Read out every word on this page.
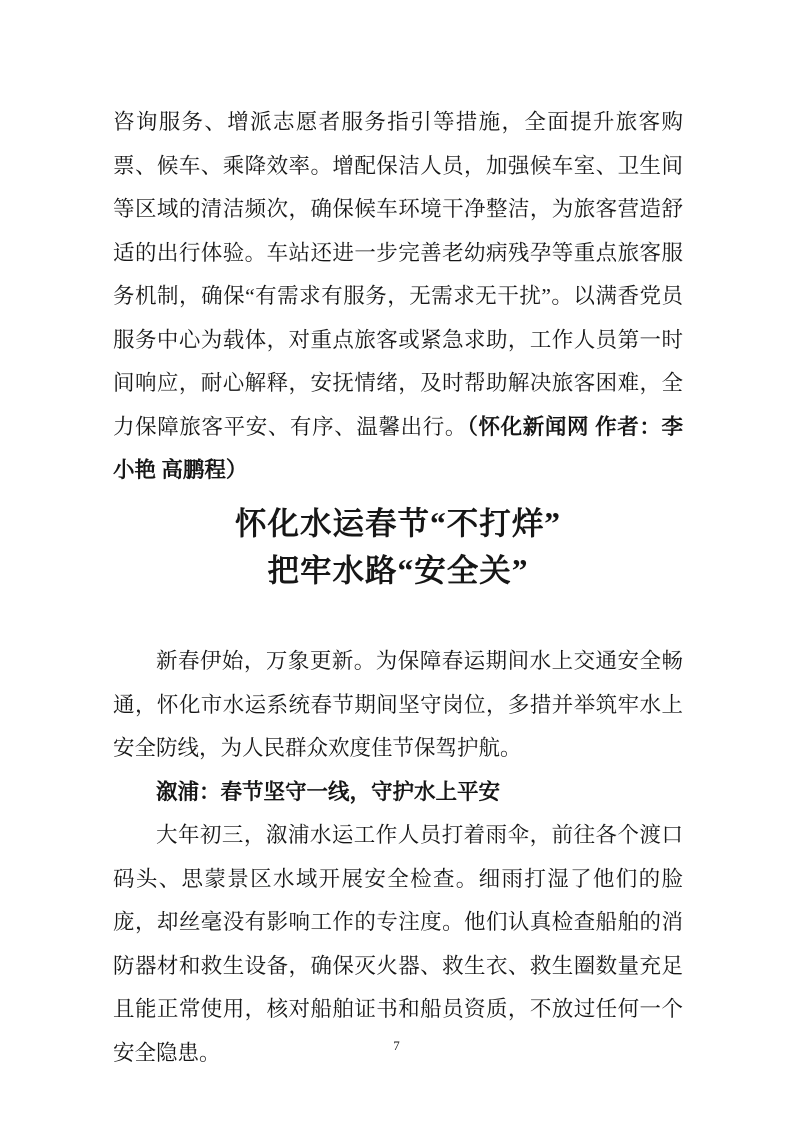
咨询服务、增派志愿者服务指引等措施，全面提升旅客购票、候车、乘降效率。增配保洁人员，加强候车室、卫生间等区域的清洁频次，确保候车环境干净整洁，为旅客营造舒适的出行体验。车站还进一步完善老幼病残孕等重点旅客服务机制，确保“有需求有服务，无需求无干扰”。以满香党员服务中心为载体，对重点旅客或紧急求助，工作人员第一时间响应，耐心解释，安抚情绪，及时帮助解决旅客困难，全力保障旅客平安、有序、温馨出行。（怀化新闻网 作者：李小艳 高鹏程）

怀化水运春节“不打烊”
把牢水路“安全关”

新春伊始，万象更新。为保障春运期间水上交通安全畅通，怀化市水运系统春节期间坚守岗位，多措并举筑牢水上安全防线，为人民群众欢度佳节保驾护航。

溆浦：春节坚守一线，守护水上平安

大年初三，溆浦水运工作人员打着雨伞，前往各个渡口码头、思蒙景区水域开展安全检查。细雨打湿了他们的脸庞，却丝毫没有影响工作的专注度。他们认真检查船舶的消防器材和救生设备，确保灭火器、救生衣、救生圈数量充足且能正常使用，核对船舶证书和船员资质，不放过任何一个安全隐患。	7
